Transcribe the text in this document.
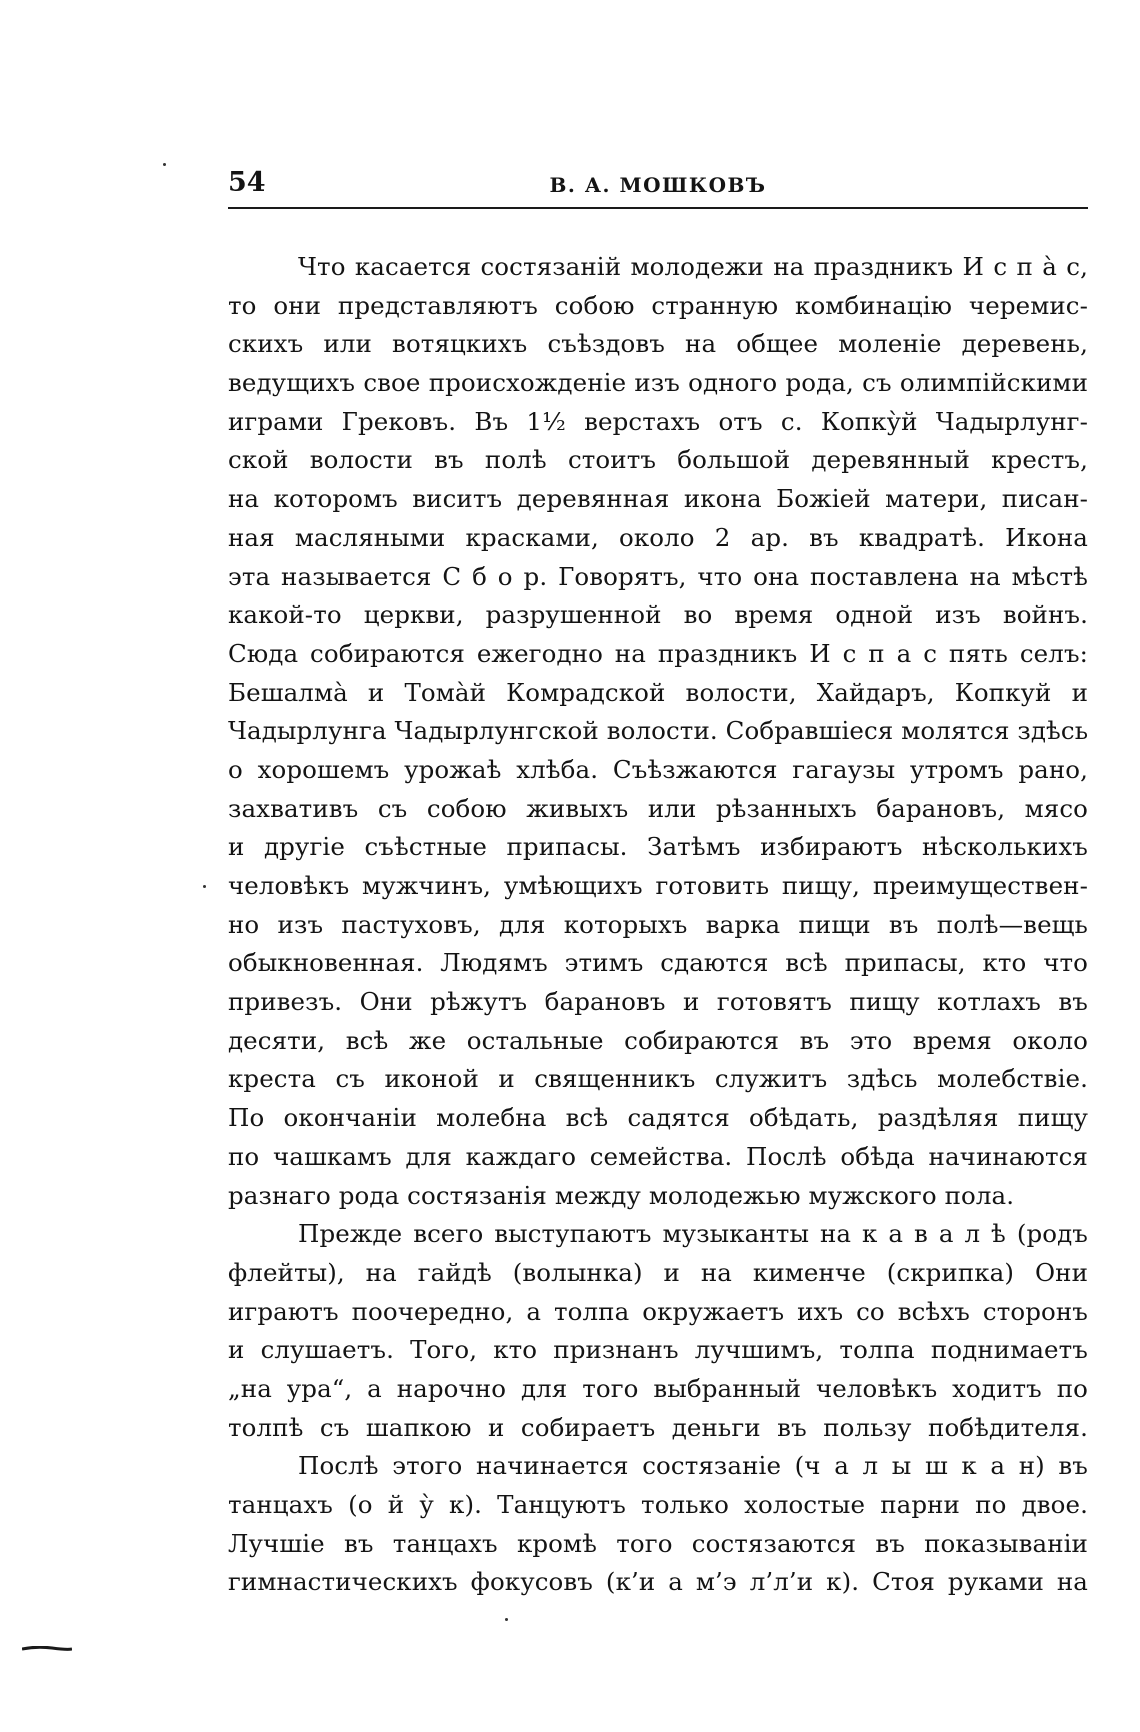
54	В. А. МОШКОВЪ
Что касается состязаній молодежи на праздникъ И с п а̀ с,
то они представляютъ собою странную комбинацію черемис-
скихъ или вотяцкихъ съѣздовъ на общее моленіе деревень,
ведущихъ свое происхожденіе изъ одного рода, съ олимпійскими
играми Грековъ. Въ 1½ верстахъ отъ с. Копку̀й Чадырлунг-
ской волости въ полѣ стоитъ большой деревянный крестъ,
на которомъ виситъ деревянная икона Божіей матери, писан-
ная масляными красками, около 2 ар. въ квадратѣ. Икона
эта называется С б о р. Говорятъ, что она поставлена на мѣстѣ
какой-то церкви, разрушенной во время одной изъ войнъ.
Сюда собираются ежегодно на праздникъ И с п а с пять селъ:
Бешалма̀ и Тома̀й Комрадской волости, Хайдаръ, Копкуй и
Чадырлунга Чадырлунгской волости. Собравшіеся молятся здѣсь
о хорошемъ урожаѣ хлѣба. Съѣзжаются гагаузы утромъ рано,
захвативъ съ собою живыхъ или рѣзанныхъ барановъ, мясо
и другіе съѣстные припасы. Затѣмъ избираютъ нѣсколькихъ
человѣкъ мужчинъ, умѣющихъ готовить пищу, преимуществен-
но изъ пастуховъ, для которыхъ варка пищи въ полѣ—вещь
обыкновенная. Людямъ этимъ сдаются всѣ припасы, кто что
привезъ. Они рѣжутъ барановъ и готовятъ пищу котлахъ въ
десяти, всѣ же остальные собираются въ это время около
креста съ иконой и священникъ служитъ здѣсь молебствіе.
По окончаніи молебна всѣ садятся обѣдать, раздѣляя пищу
по чашкамъ для каждаго семейства. Послѣ обѣда начинаются
разнаго рода состязанія между молодежью мужского пола.
Прежде всего выступаютъ музыканты на к а в а л ѣ (родъ
флейты), на гайдѣ (волынка) и на кименче (скрипка) Они
играютъ поочередно, а толпа окружаетъ ихъ со всѣхъ сторонъ
и слушаетъ. Того, кто признанъ лучшимъ, толпа поднимаетъ
„на ура“, а нарочно для того выбранный человѣкъ ходитъ по
толпѣ съ шапкою и собираетъ деньги въ пользу побѣдителя.
Послѣ этого начинается состязаніе (ч а л ы ш к а н) въ
танцахъ (о й у̀ к). Танцуютъ только холостые парни по двое.
Лучшіе въ танцахъ кромѣ того состязаются въ показываніи
гимнастическихъ фокусовъ (к’и а м’э л’л’и к). Стоя руками на
